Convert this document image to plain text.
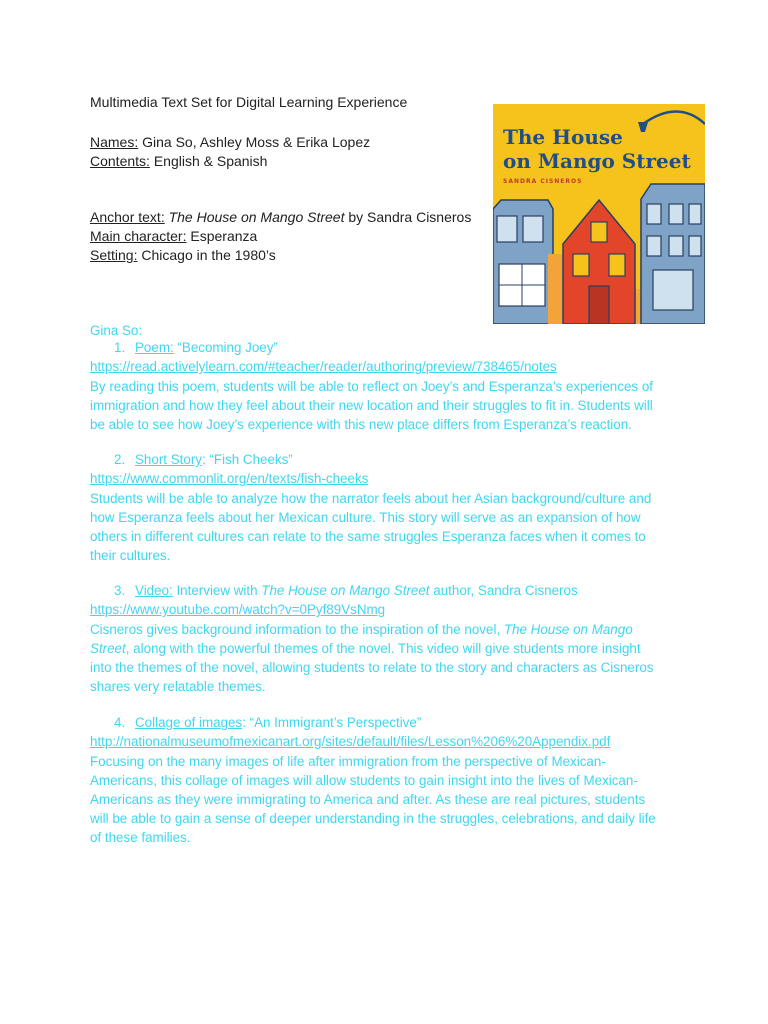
Multimedia Text Set for Digital Learning Experience
Names: Gina So, Ashley Moss & Erika Lopez
Contents: English & Spanish
Anchor text: The House on Mango Street by Sandra Cisneros
Main character: Esperanza
Setting: Chicago in the 1980’s
The House
on Mango Street
SANDRA CISNEROS
Gina So:
1. Poem: “Becoming Joey”
https://read.activelylearn.com/#teacher/reader/authoring/preview/738465/notes

By reading this poem, students will be able to reflect on Joey’s and Esperanza’s experiences of

immigration and how they feel about their new location and their struggles to fit in. Students will

be able to see how Joey’s experience with this new place differs from Esperanza’s reaction.

2. Short Story: “Fish Cheeks”
https://www.commonlit.org/en/texts/fish-cheeks

Students will be able to analyze how the narrator feels about her Asian background/culture and

how Esperanza feels about her Mexican culture. This story will serve as an expansion of how

others in different cultures can relate to the same struggles Esperanza faces when it comes to

their cultures.

3. Video: Interview with The House on Mango Street author, Sandra Cisneros
https://www.youtube.com/watch?v=0Pyf89VsNmg

Cisneros gives background information to the inspiration of the novel, The House on Mango

Street, along with the powerful themes of the novel. This video will give students more insight

into the themes of the novel, allowing students to relate to the story and characters as Cisneros

shares very relatable themes.

4. Collage of images: “An Immigrant’s Perspective”
http://nationalmuseumofmexicanart.org/sites/default/files/Lesson%206%20Appendix.pdf

Focusing on the many images of life after immigration from the perspective of Mexican-

Americans, this collage of images will allow students to gain insight into the lives of Mexican-

Americans as they were immigrating to America and after. As these are real pictures, students

will be able to gain a sense of deeper understanding in the struggles, celebrations, and daily life

of these families.
